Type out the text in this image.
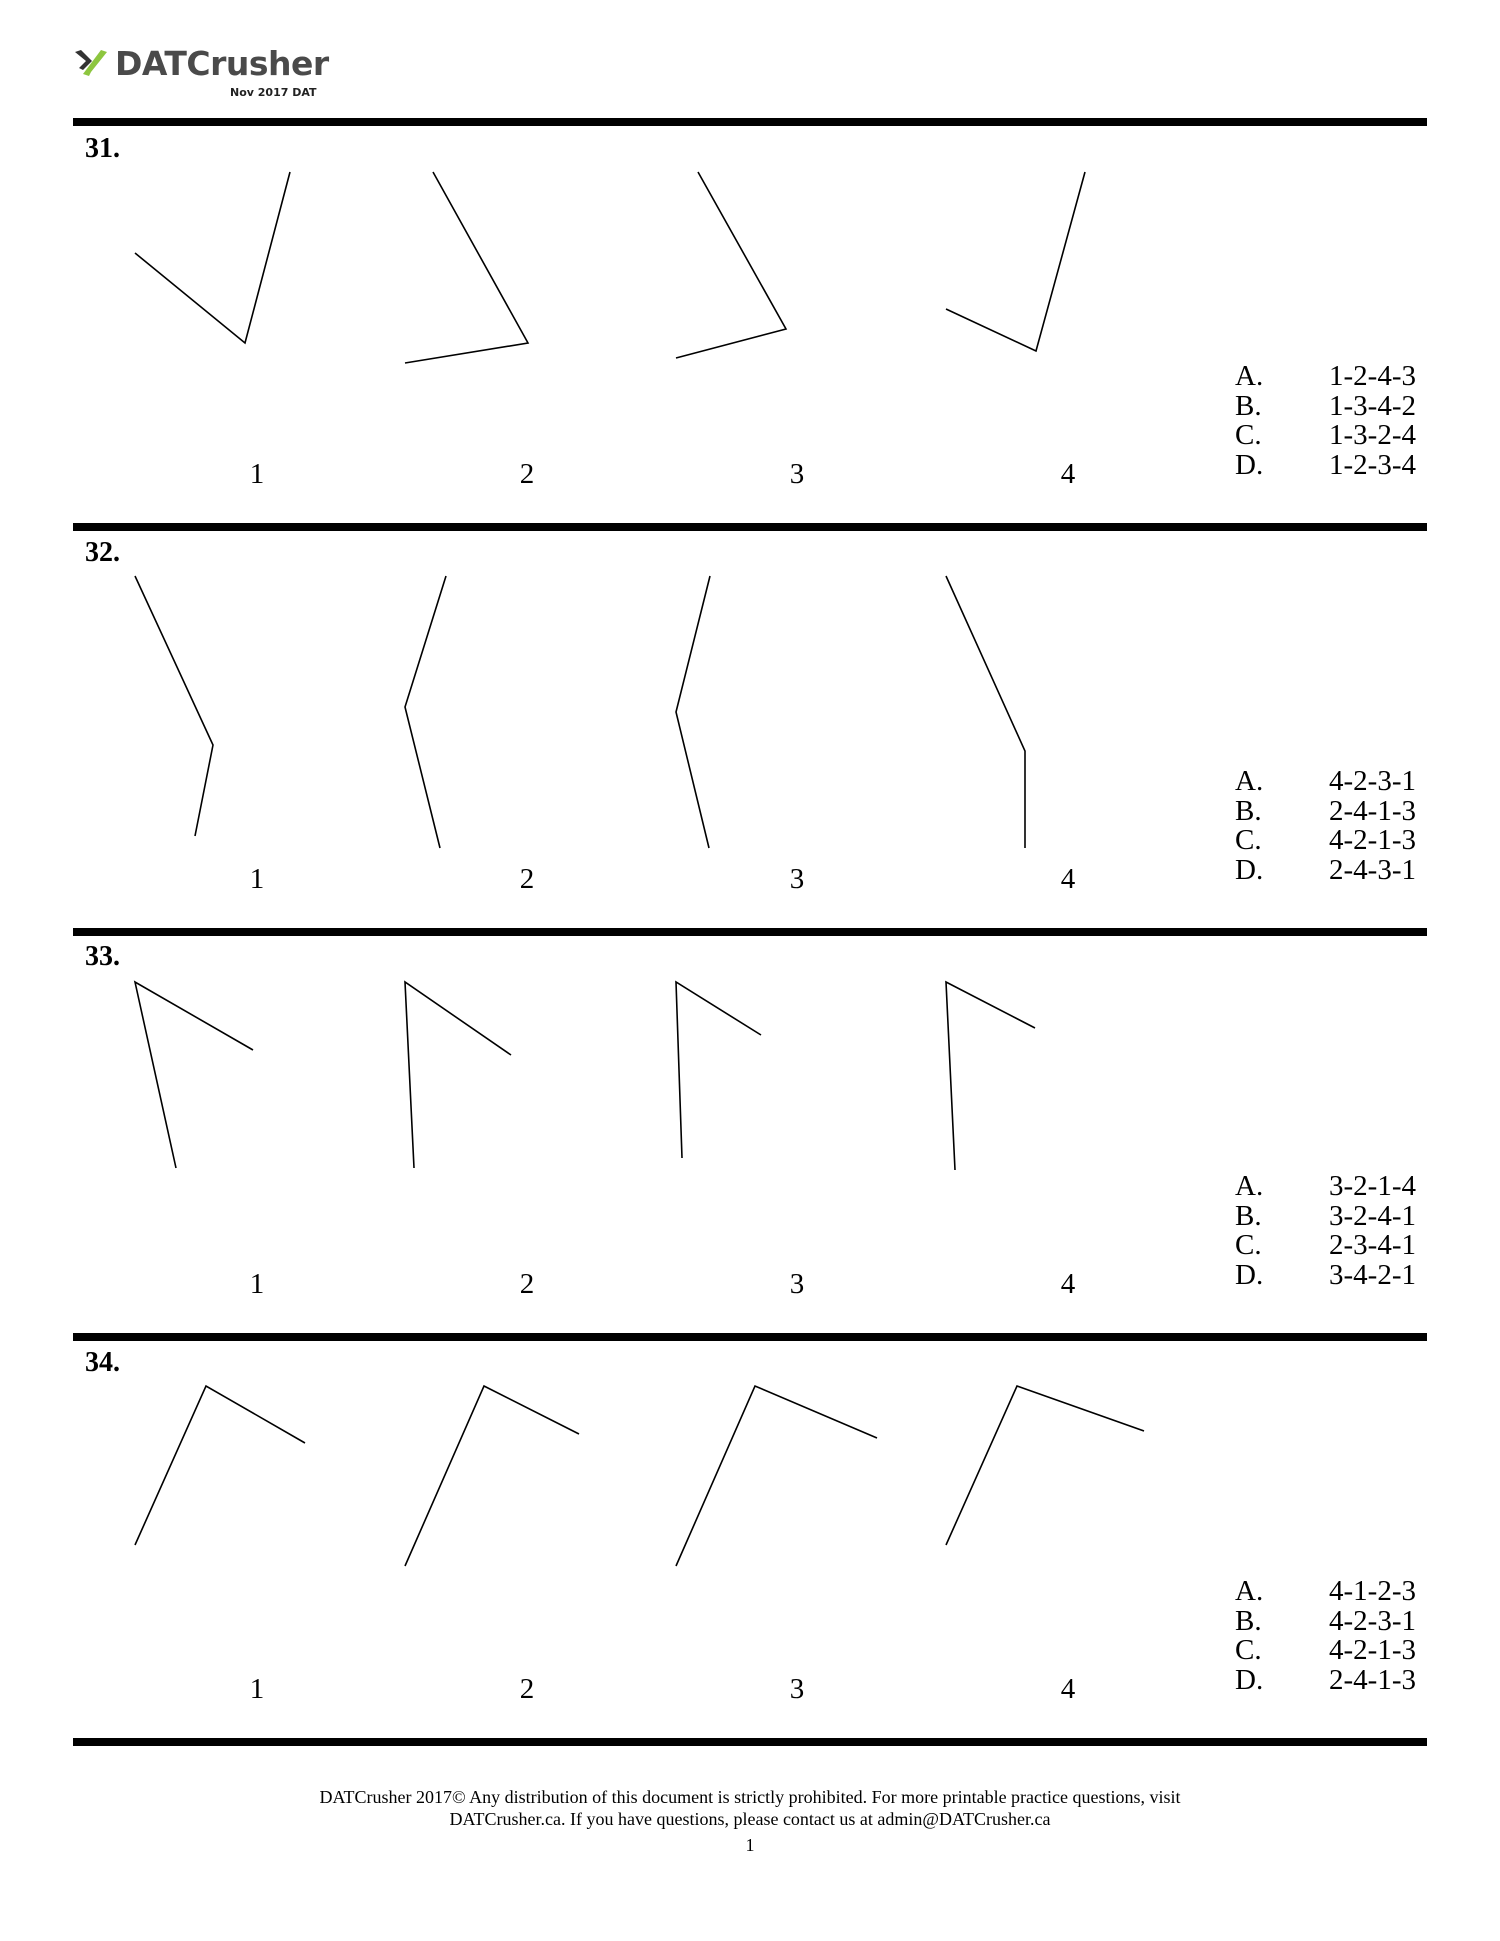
DATCrusher
Nov 2017 DAT
31.
1	2	3	4
A.	1-2-4-3
B.	1-3-4-2
C.	1-3-2-4
D.	1-2-3-4
32.
1	2	3	4
A.	4-2-3-1
B.	2-4-1-3
C.	4-2-1-3
D.	2-4-3-1
33.
1	2	3	4
A.	3-2-1-4
B.	3-2-4-1
C.	2-3-4-1
D.	3-4-2-1
34.
1	2	3	4
A.	4-1-2-3
B.	4-2-3-1
C.	4-2-1-3
D.	2-4-1-3
DATCrusher 2017© Any distribution of this document is strictly prohibited. For more printable practice questions, visit
DATCrusher.ca. If you have questions, please contact us at admin@DATCrusher.ca
1
